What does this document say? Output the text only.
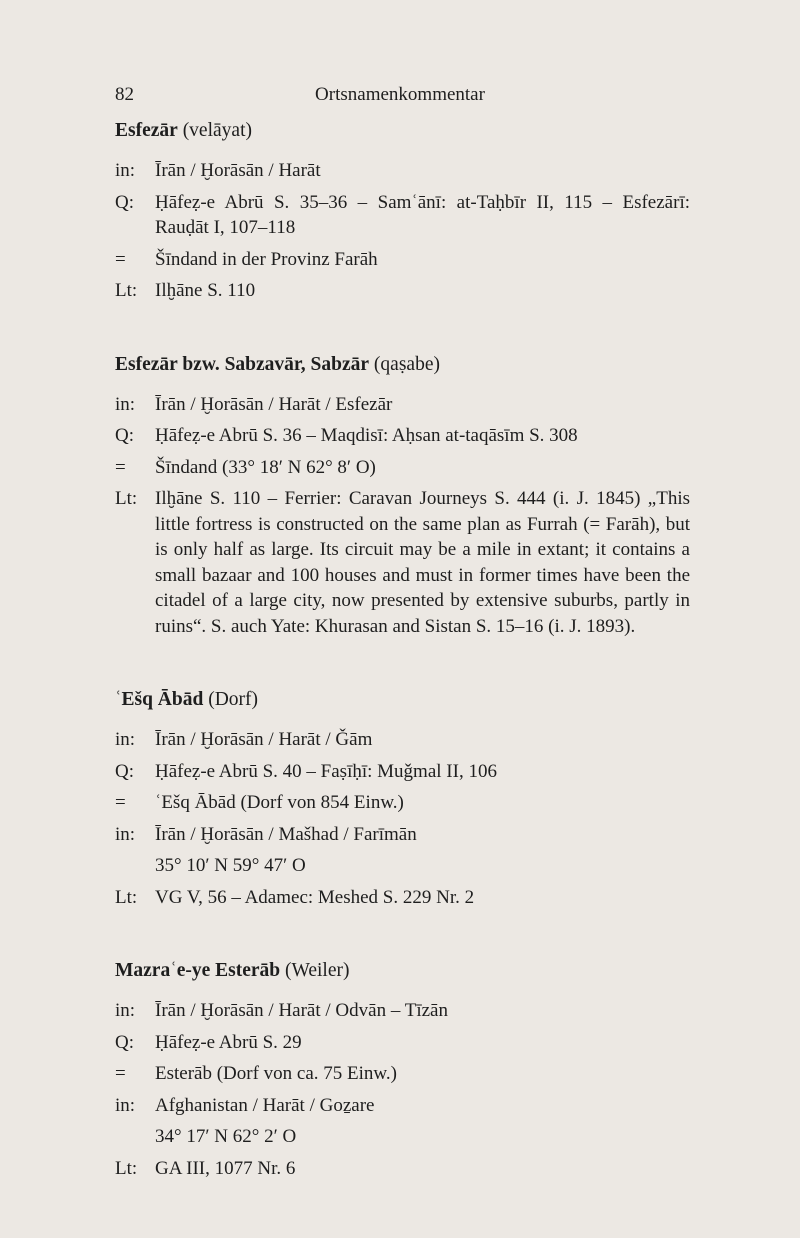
82	Ortsnamenkommentar
Esfezār (velāyat)
in:	Īrān / Ḫorāsān / Harāt
Q:	Ḥāfeẓ-e Abrū S. 35–36 – Samʿānī: at-Taḥbīr II, 115 – Esfezārī: Rauḍāt I, 107–118
=	Šīndand in der Provinz Farāh
Lt: Ilḫāne S. 110
Esfezār bzw. Sabzavār, Sabzār (qaṣabe)
in:	Īrān / Ḫorāsān / Harāt / Esfezār
Q:	Ḥāfeẓ-e Abrū S. 36 – Maqdisī: Aḥsan at-taqāsīm S. 308
=	Šīndand (33° 18′ N 62° 8′ O)
Lt: Ilḫāne S. 110 – Ferrier: Caravan Journeys S. 444 (i. J. 1845) „This little fortress is constructed on the same plan as Furrah (= Farāh), but is only half as large. Its circuit may be a mile in extant; it contains a small bazaar and 100 houses and must in former times have been the citadel of a large city, now presented by extensive suburbs, partly in ruins“. S. auch Yate: Khurasan and Sistan S. 15–16 (i. J. 1893).
ʿEšq Ābād (Dorf)
in:	Īrān / Ḫorāsān / Harāt / Ǧām
Q:	Ḥāfeẓ-e Abrū S. 40 – Faṣīḥī: Muǧmal II, 106
=	ʿEšq Ābād (Dorf von 854 Einw.)
in:	Īrān / Ḫorāsān / Mašhad / Farīmān
35° 10′ N 59° 47′ O
Lt: VG V, 56 – Adamec: Meshed S. 229 Nr. 2
Mazraʿe-ye Esterāb (Weiler)
in:	Īrān / Ḫorāsān / Harāt / Odvān – Tīzān
Q:	Ḥāfeẓ-e Abrū S. 29
=	Esterāb (Dorf von ca. 75 Einw.)
in:	Afghanistan / Harāt / Goẕare
34° 17′ N 62° 2′ O
Lt: GA III, 1077 Nr. 6
